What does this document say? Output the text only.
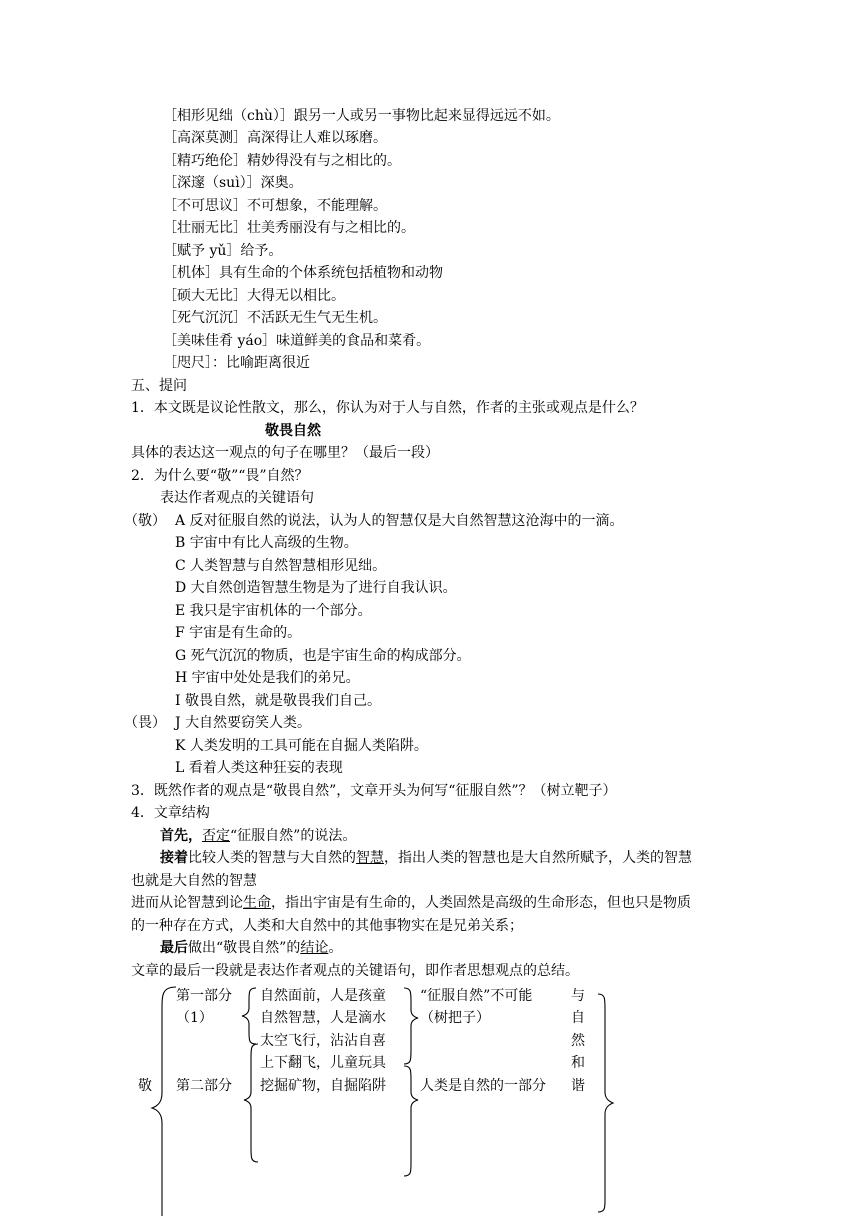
［相形见绌（chù）］跟另一人或另一事物比起来显得远远不如。
［高深莫测］高深得让人难以琢磨。
［精巧绝伦］精妙得没有与之相比的。
［深邃（suì）］深奥。
［不可思议］不可想象，不能理解。
［壮丽无比］壮美秀丽没有与之相比的。
［赋予 yǔ］给予。
［机体］具有生命的个体系统包括植物和动物
［硕大无比］大得无以相比。
［死气沉沉］不活跃无生气无生机。
［美味佳肴 yáo］味道鲜美的食品和菜肴。
［咫尺］：比喻距离很近
五、提问
1．本文既是议论性散文，那么，你认为对于人与自然，作者的主张或观点是什么？
敬畏自然
具体的表达这一观点的句子在哪里？（最后一段）
2．为什么要“敬”“畏”自然？
表达作者观点的关键语句
（敬） A 反对征服自然的说法，认为人的智慧仅是大自然智慧这沧海中的一滴。
B 宇宙中有比人高级的生物。
C 人类智慧与自然智慧相形见绌。
D 大自然创造智慧生物是为了进行自我认识。
E 我只是宇宙机体的一个部分。
F 宇宙是有生命的。
G 死气沉沉的物质，也是宇宙生命的构成部分。
H 宇宙中处处是我们的弟兄。
I 敬畏自然，就是敬畏我们自己。
（畏） J 大自然要窃笑人类。
K 人类发明的工具可能在自掘人类陷阱。
L 看着人类这种狂妄的表现
3．既然作者的观点是“敬畏自然”，文章开头为何写“征服自然”？（树立靶子）
4．文章结构
首先，否定“征服自然”的说法。
接着比较人类的智慧与大自然的智慧，指出人类的智慧也是大自然所赋予，人类的智慧
也就是大自然的智慧
进而从论智慧到论生命，指出宇宙是有生命的，人类固然是高级的生命形态，但也只是物质
的一种存在方式，人类和大自然中的其他事物实在是兄弟关系；
最后做出“敬畏自然”的结论。
文章的最后一段就是表达作者观点的关键语句，即作者思想观点的总结。
敬
第一部分
（1）
第二部分
自然面前，人是孩童
自然智慧，人是滴水
太空飞行，沾沾自喜
上下翻飞，儿童玩具
挖掘矿物，自掘陷阱
“征服自然”不可能
（树把子）
人类是自然的一部分
与
自
然
和
谐
